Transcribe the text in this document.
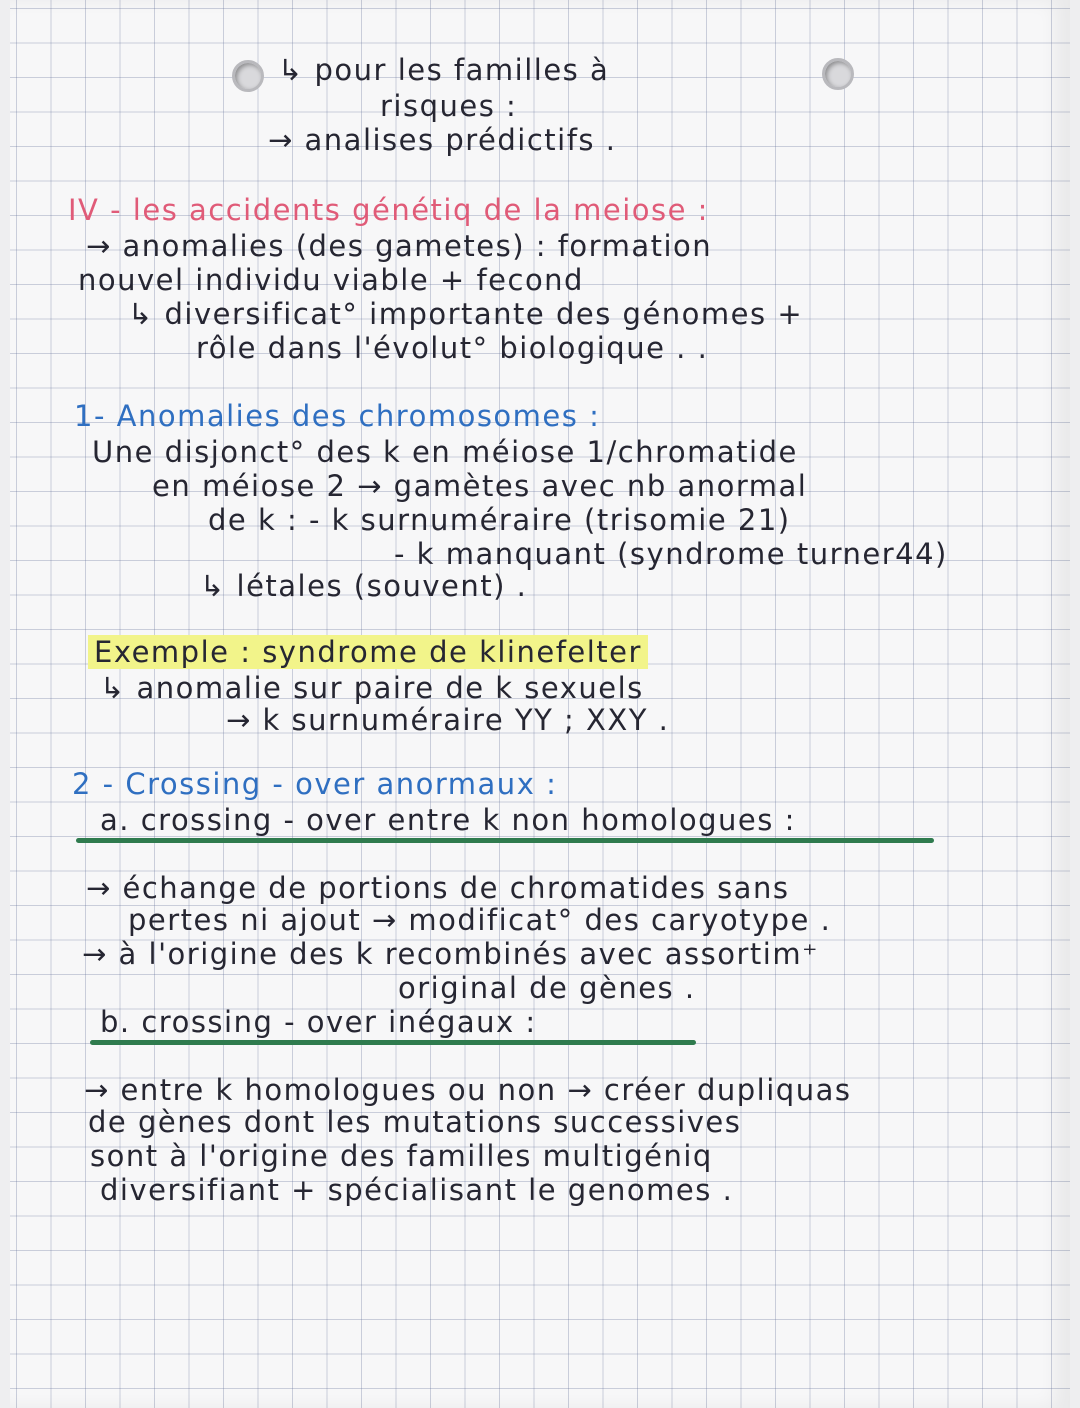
↳ pour les familles à
risques :
→ analises prédictifs .
IV - les accidents génétiq de la meiose :
→ anomalies (des gametes) : formation
nouvel individu viable + fecond
↳ diversificat° importante des génomes +
rôle dans l'évolut° biologique . .
1- Anomalies des chromosomes :
Une disjonct° des k en méiose 1/chromatide
en méiose 2 → gamètes avec nb anormal
de k : - k surnuméraire (trisomie 21)
- k manquant (syndrome turner44)
↳ létales (souvent) .
Exemple : syndrome de klinefelter
↳ anomalie sur paire de k sexuels
→ k surnuméraire YY ; XXY .
2 - Crossing - over anormaux :
a. crossing - over entre k non homologues :
→ échange de portions de chromatides sans
pertes ni ajout → modificat° des caryotype .
→ à l'origine des k recombinés avec assortim⁺
original de gènes .
b. crossing - over inégaux :
→ entre k homologues ou non → créer dupliquas
de gènes dont les mutations successives
sont à l'origine des familles multigéniq
diversifiant + spécialisant le genomes .
